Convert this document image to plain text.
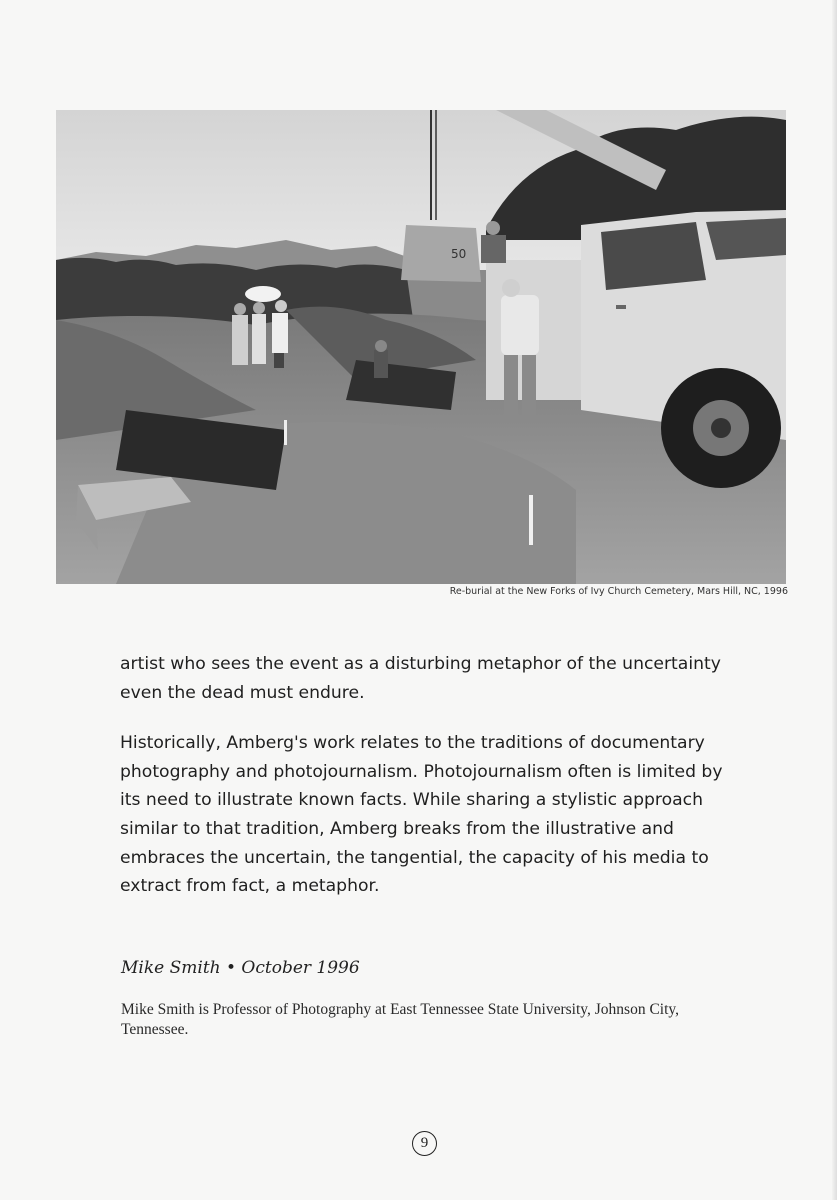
50
Re-burial at the New Forks of Ivy Church Cemetery, Mars Hill, NC, 1996

artist who sees the event as a disturbing metaphor of the uncertainty even the dead must endure.

Historically, Amberg's work relates to the traditions of documentary photography and photojournalism. Photojournalism often is limited by its need to illustrate known facts. While sharing a stylistic approach similar to that tradition, Amberg breaks from the illustrative and embraces the uncertain, the tangential, the capacity of his media to extract from fact, a metaphor.

Mike Smith • October 1996
Mike Smith is Professor of Photography at East Tennessee State University, Johnson City, Tennessee.
9
